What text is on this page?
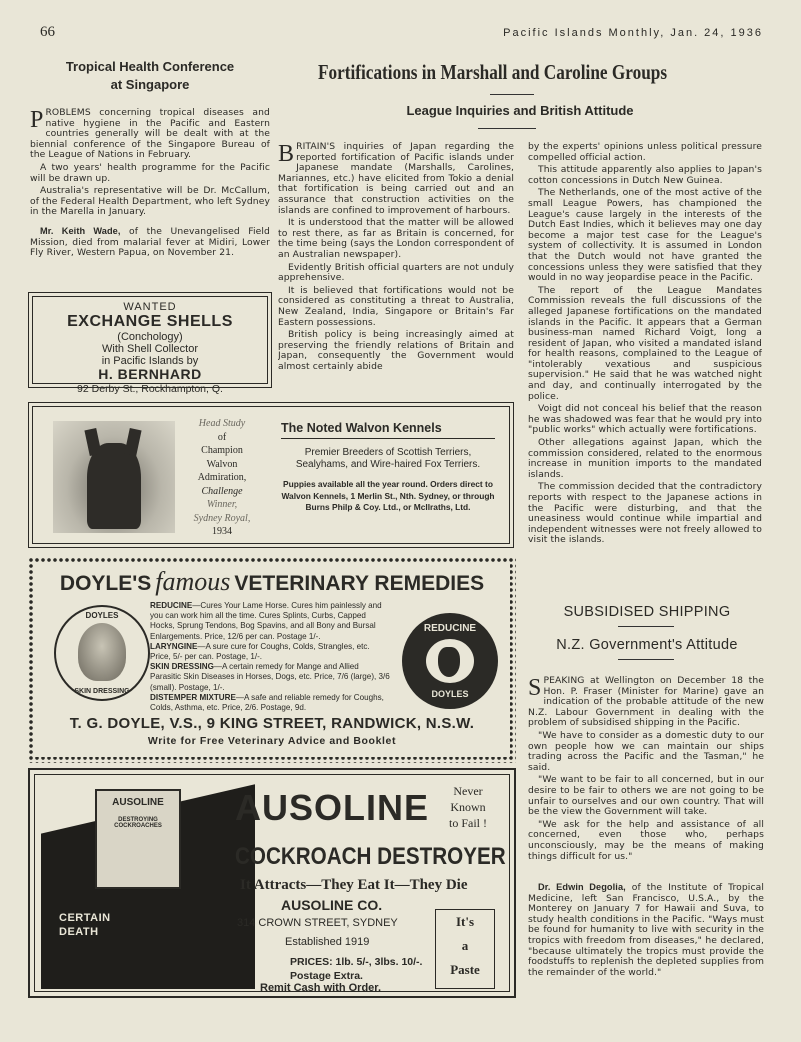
66	Pacific Islands Monthly, Jan. 24, 1936
Tropical Health Conference
at Singapore

PROBLEMS concerning tropical diseases and native hygiene in the Pacific and Eastern countries generally will be dealt with at the biennial conference of the Singapore Bureau of the League of Nations in February.

A two years' health programme for the Pacific will be drawn up.

Australia's representative will be Dr. McCallum, of the Federal Health Department, who left Sydney in the Marella in January.

Mr. Keith Wade, of the Unevangelised Field Mission, died from malarial fever at Midiri, Lower Fly River, Western Papua, on November 21.

WANTED
EXCHANGE SHELLS
(Conchology)
With Shell Collector
in Pacific Islands by
H. BERNHARD
92 Derby St., Rockhampton, Q.
Fortifications in Marshall and Caroline Groups
League Inquiries and British Attitude

BRITAIN'S inquiries of Japan regarding the reported fortification of Pacific islands under Japanese mandate (Marshalls, Carolines, Mariannes, etc.) have elicited from Tokio a denial that fortification is being carried out and an assurance that construction activities on the islands are confined to improvement of harbours.

It is understood that the matter will be allowed to rest there, as far as Britain is concerned, for the time being (says the London correspondent of an Australian newspaper).

Evidently British official quarters are not unduly apprehensive.

It is believed that fortifications would not be considered as constituting a threat to Australia, New Zealand, India, Singapore or Britain's Far Eastern possessions.

British policy is being increasingly aimed at preserving the friendly relations of Britain and Japan, consequently the Government would almost certainly abide

by the experts' opinions unless political pressure compelled official action.

This attitude apparently also applies to Japan's cotton concessions in Dutch New Guinea.

The Netherlands, one of the most active of the small League Powers, has championed the League's cause largely in the interests of the Dutch East Indies, which it believes may one day become a major test case for the League's system of collectivity. It is assumed in London that the Dutch would not have granted the concessions unless they were satisfied that they would in no way jeopardise peace in the Pacific.

The report of the League Mandates Commission reveals the full discussions of the alleged Japanese fortifications on the mandated islands in the Pacific. It appears that a German business-man named Richard Voigt, long a resident of Japan, who visited a mandated island for health reasons, complained to the League of "intolerably vexatious and suspicious supervision." He said that he was watched night and day, and continually interrogated by the police.

Voigt did not conceal his belief that the reason he was shadowed was fear that he would pry into "public works" which actually were fortifications.

Other allegations against Japan, which the commission considered, related to the enormous increase in munition imports to the mandated islands.

The commission decided that the contradictory reports with respect to the Japanese actions in the Pacific were disturbing, and that the uneasiness would continue while impartial and independent witnesses were not freely allowed to visit the islands.

Head Study
of
Champion
Walvon
Admiration,
Challenge
Winner,
Sydney Royal,
1934
The Noted Walvon Kennels
Premier Breeders of Scottish Terriers, Sealyhams, and Wire-haired Fox Terriers.
Puppies available all the year round. Orders direct to Walvon Kennels, 1 Merlin St., Nth. Sydney, or through Burns Philp & Coy. Ltd., or McIlraths, Ltd.
DOYLE'S famous VETERINARY REMEDIES
DOYLES
SKIN DRESSING
REDUCINE—Cures Your Lame Horse. Cures him painlessly and you can work him all the time. Cures Splints, Curbs, Capped Hocks, Sprung Tendons, Bog Spavins, and all Bony and Bursal Enlargements. Price, 12/6 per can. Postage 1/-.
LARYNGINE—A sure cure for Coughs, Colds, Strangles, etc. Price, 5/- per can. Postage, 1/-.
SKIN DRESSING—A certain remedy for Mange and Allied Parasitic Skin Diseases in Horses, Dogs, etc. Price, 7/6 (large), 3/6 (small). Postage, 1/-.
DISTEMPER MIXTURE—A safe and reliable remedy for Coughs, Colds, Asthma, etc. Price, 2/6. Postage, 9d.
REDUCINE
DOYLES
T. G. DOYLE, V.S., 9 KING STREET, RANDWICK, N.S.W.
Write for Free Veterinary Advice and Booklet
AUSOLINE
DESTROYING COCKROACHES	AUSOLINE	Never
Known
to Fail !
COCKROACH DESTROYER
It Attracts—They Eat It—They Die
AUSOLINE CO.
314 CROWN STREET, SYDNEY
Established 1919
PRICES: 1lb. 5/-, 3lbs. 10/-. Postage Extra.
Remit Cash with Order.
It's
a
Paste
CERTAIN
DEATH
SUBSIDISED SHIPPING
N.Z. Government's Attitude

SPEAKING at Wellington on December 18 the Hon. P. Fraser (Minister for Marine) gave an indication of the probable attitude of the new N.Z. Labour Government in dealing with the problem of subsidised shipping in the Pacific.

"We have to consider as a domestic duty to our own people how we can maintain our ships trading across the Pacific and the Tasman," he said.

"We want to be fair to all concerned, but in our desire to be fair to others we are not going to be unfair to ourselves and our own country. That will be the view the Government will take.

"We ask for the help and assistance of all concerned, even those who, perhaps unconsciously, may be the means of making things difficult for us."

Dr. Edwin Degolia, of the Institute of Tropical Medicine, left San Francisco, U.S.A., by the Monterey on January 7 for Hawaii and Suva, to study health conditions in the Pacific. "Ways must be found for humanity to live with security in the tropics with freedom from diseases," he declared, "because ultimately the tropics must provide the foodstuffs to replenish the depleted supplies from the remainder of the world."
